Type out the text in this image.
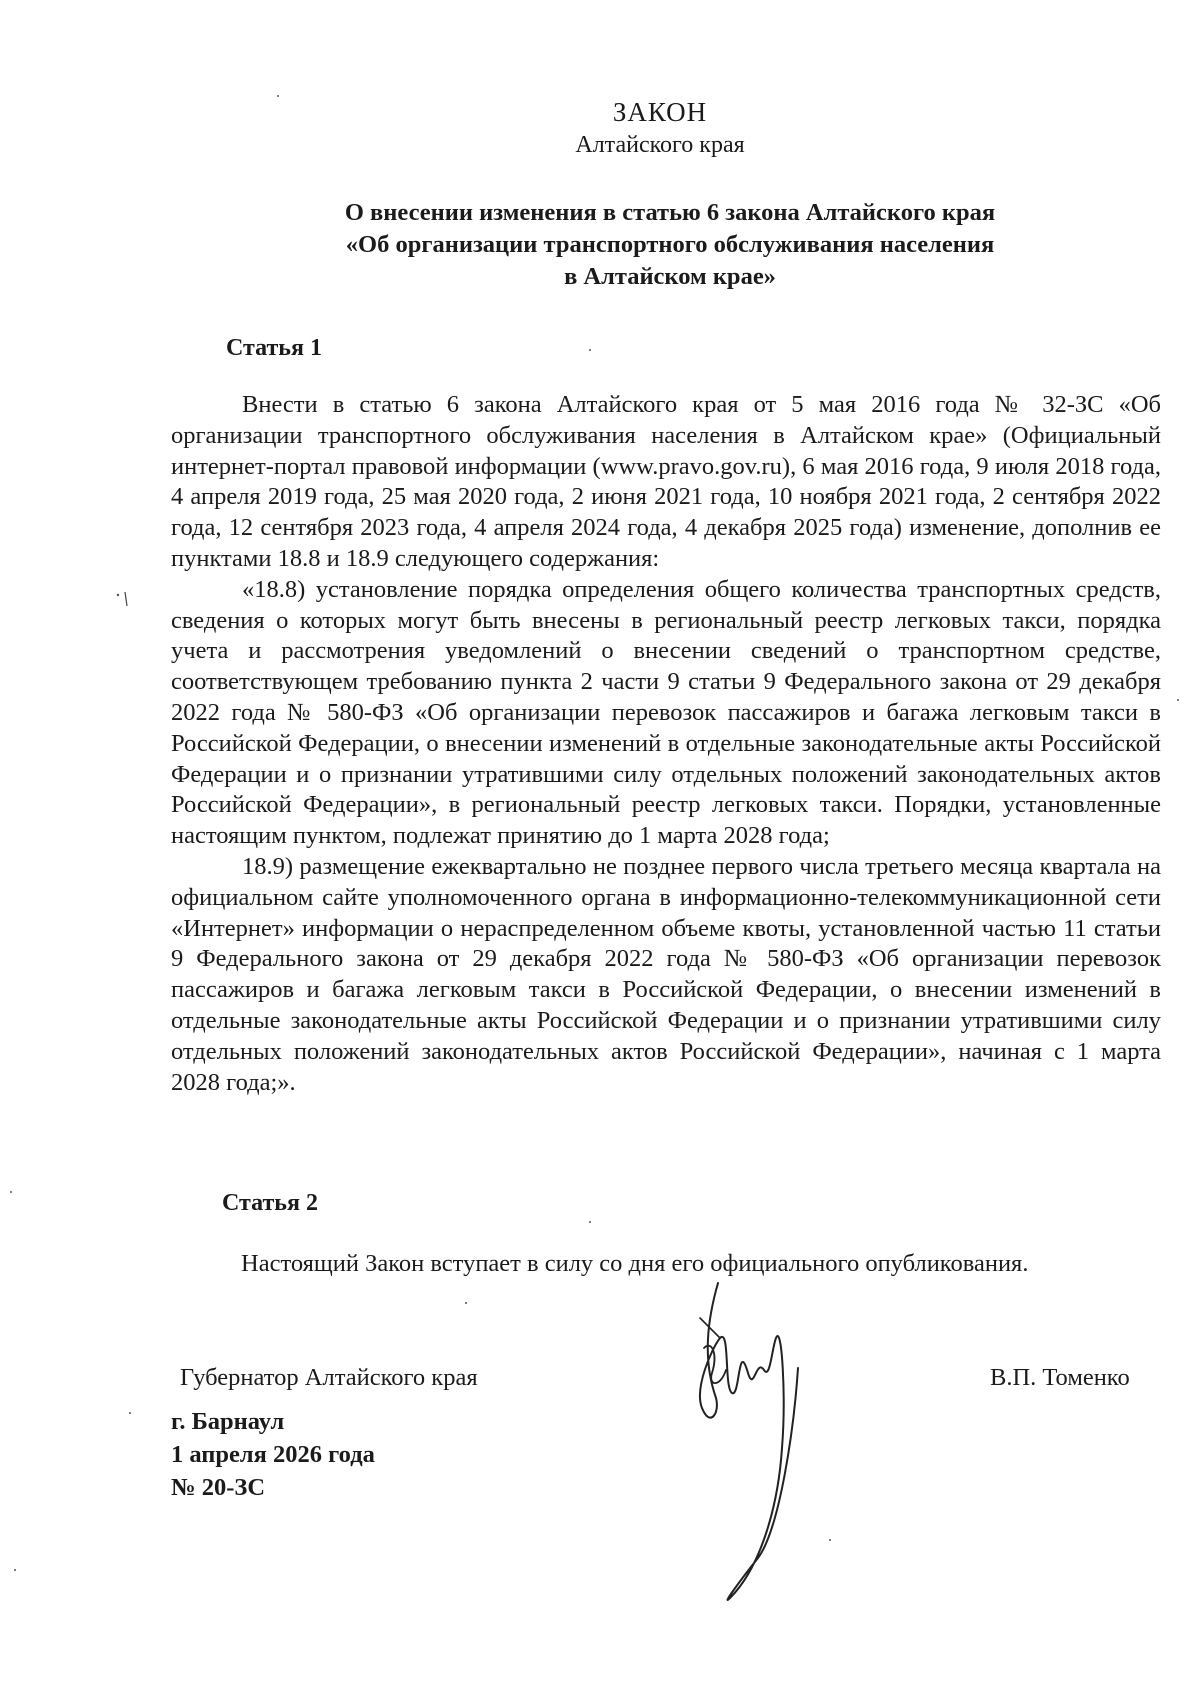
ЗАКОН
Алтайского края
О внесении изменения в статью 6 закона Алтайского края
«Об организации транспортного обслуживания населения
в Алтайском крае»
Статья 1

Внести в статью 6 закона Алтайского края от 5 мая 2016 года № 32-ЗС «Об организации транспортного обслуживания населения в Алтайском крае» (Официальный интернет-портал правовой информации (www.pravo.gov.ru), 6 мая 2016 года, 9 июля 2018 года, 4 апреля 2019 года, 25 мая 2020 года, 2 июня 2021 года, 10 ноября 2021 года, 2 сентября 2022 года, 12 сентября 2023 года, 4 апреля 2024 года, 4 декабря 2025 года) изменение, дополнив ее пунктами 18.8 и 18.9 следующего содержания:

«18.8) установление порядка определения общего количества транспортных средств, сведения о которых могут быть внесены в региональный реестр легковых такси, порядка учета и рассмотрения уведомлений о внесении сведений о транспортном средстве, соответствующем требованию пункта 2 части 9 статьи 9 Федерального закона от 29 декабря 2022 года № 580-ФЗ «Об организации перевозок пассажиров и багажа легковым такси в Российской Федерации, о внесении изменений в отдельные законодательные акты Российской Федерации и о признании утратившими силу отдельных положений законодательных актов Российской Федерации», в региональный реестр легковых такси. Порядки, установленные настоящим пунктом, подлежат принятию до 1 марта 2028 года;

18.9) размещение ежеквартально не позднее первого числа третьего месяца квартала на официальном сайте уполномоченного органа в информационно-телекоммуникационной сети «Интернет» информации о нераспределенном объеме квоты, установленной частью 11 статьи 9 Федерального закона от 29 декабря 2022 года № 580-ФЗ «Об организации перевозок пассажиров и багажа легковым такси в Российской Федерации, о внесении изменений в отдельные законодательные акты Российской Федерации и о признании утратившими силу отдельных положений законодательных актов Российской Федерации», начиная с 1 марта 2028 года;».

Статья 2
Настоящий Закон вступает в силу со дня его официального опубликования.
Губернатор Алтайского края	В.П. Томенко
г. Барнаул
1 апреля 2026 года
№ 20-ЗС
